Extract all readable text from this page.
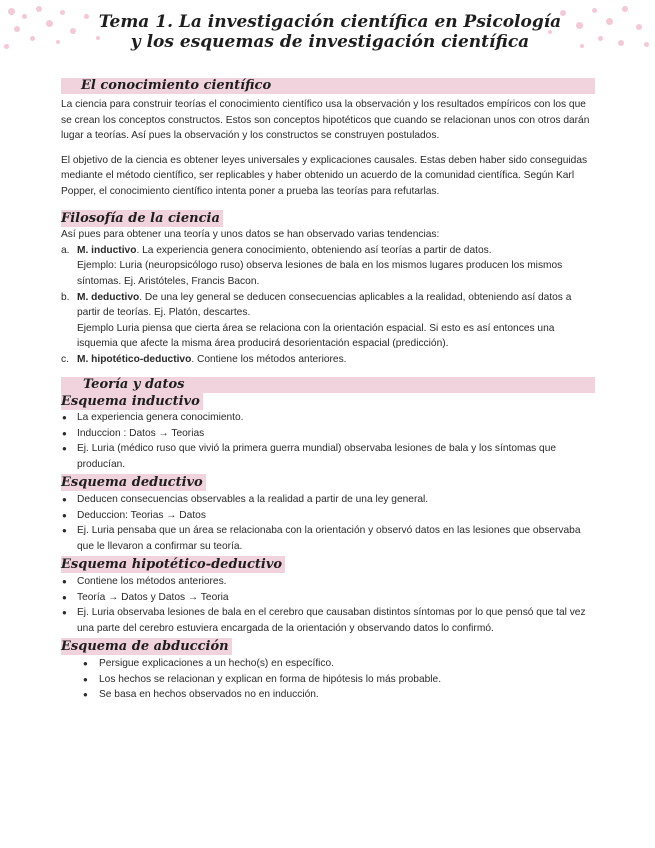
Tema 1. La investigación científica en Psicología
y los esquemas de investigación científica
El conocimiento científico

La ciencia para construir teorías el conocimiento científico usa la observación y los resultados empíricos con los que se crean los conceptos constructos. Estos son conceptos hipotéticos que cuando se relacionan unos con otros darán lugar a teorías. Así pues la observación y los constructos se construyen postulados.

El objetivo de la ciencia es obtener leyes universales y explicaciones causales. Estas deben haber sido conseguidas mediante el método científico, ser replicables y haber obtenido un acuerdo de la comunidad científica. Según Karl Popper, el conocimiento científico intenta poner a prueba las teorías para refutarlas.

Filosofía de la ciencia

Así pues para obtener una teoría y unos datos se han observado varias tendencias:

a. M. inductivo. La experiencia genera conocimiento, obteniendo así teorías a partir de datos.
Ejemplo: Luria (neuropsicólogo ruso) observa lesiones de bala en los mismos lugares producen los mismos síntomas. Ej. Aristóteles, Francis Bacon.
b. M. deductivo. De una ley general se deducen consecuencias aplicables a la realidad, obteniendo así datos a partir de teorías. Ej. Platón, descartes.
Ejemplo Luria piensa que cierta área se relaciona con la orientación espacial. Si esto es así entonces una isquemia que afecte la misma área producirá desorientación espacial (predicción).
c. M. hipotético-deductivo. Contiene los métodos anteriores.
Teoría y datos
Esquema inductivo
● La experiencia genera conocimiento.
● Induccion : Datos → Teorias
● Ej. Luria (médico ruso que vivió la primera guerra mundial) observaba lesiones de bala y los síntomas que producían.
Esquema deductivo
● Deducen consecuencias observables a la realidad a partir de una ley general.
● Deduccion: Teorias → Datos
● Ej. Luria pensaba que un área se relacionaba con la orientación y observó datos en las lesiones que observaba que le llevaron a confirmar su teoría.
Esquema hipotético-deductivo
● Contiene los métodos anteriores.
● Teoría → Datos y Datos → Teoria
● Ej. Luria observaba lesiones de bala en el cerebro que causaban distintos síntomas por lo que pensó que tal vez una parte del cerebro estuviera encargada de la orientación y observando datos lo confirmó.
Esquema de abducción
● Persigue explicaciones a un hecho(s) en específico.
● Los hechos se relacionan y explican en forma de hipótesis lo más probable.
● Se basa en hechos observados no en inducción.
